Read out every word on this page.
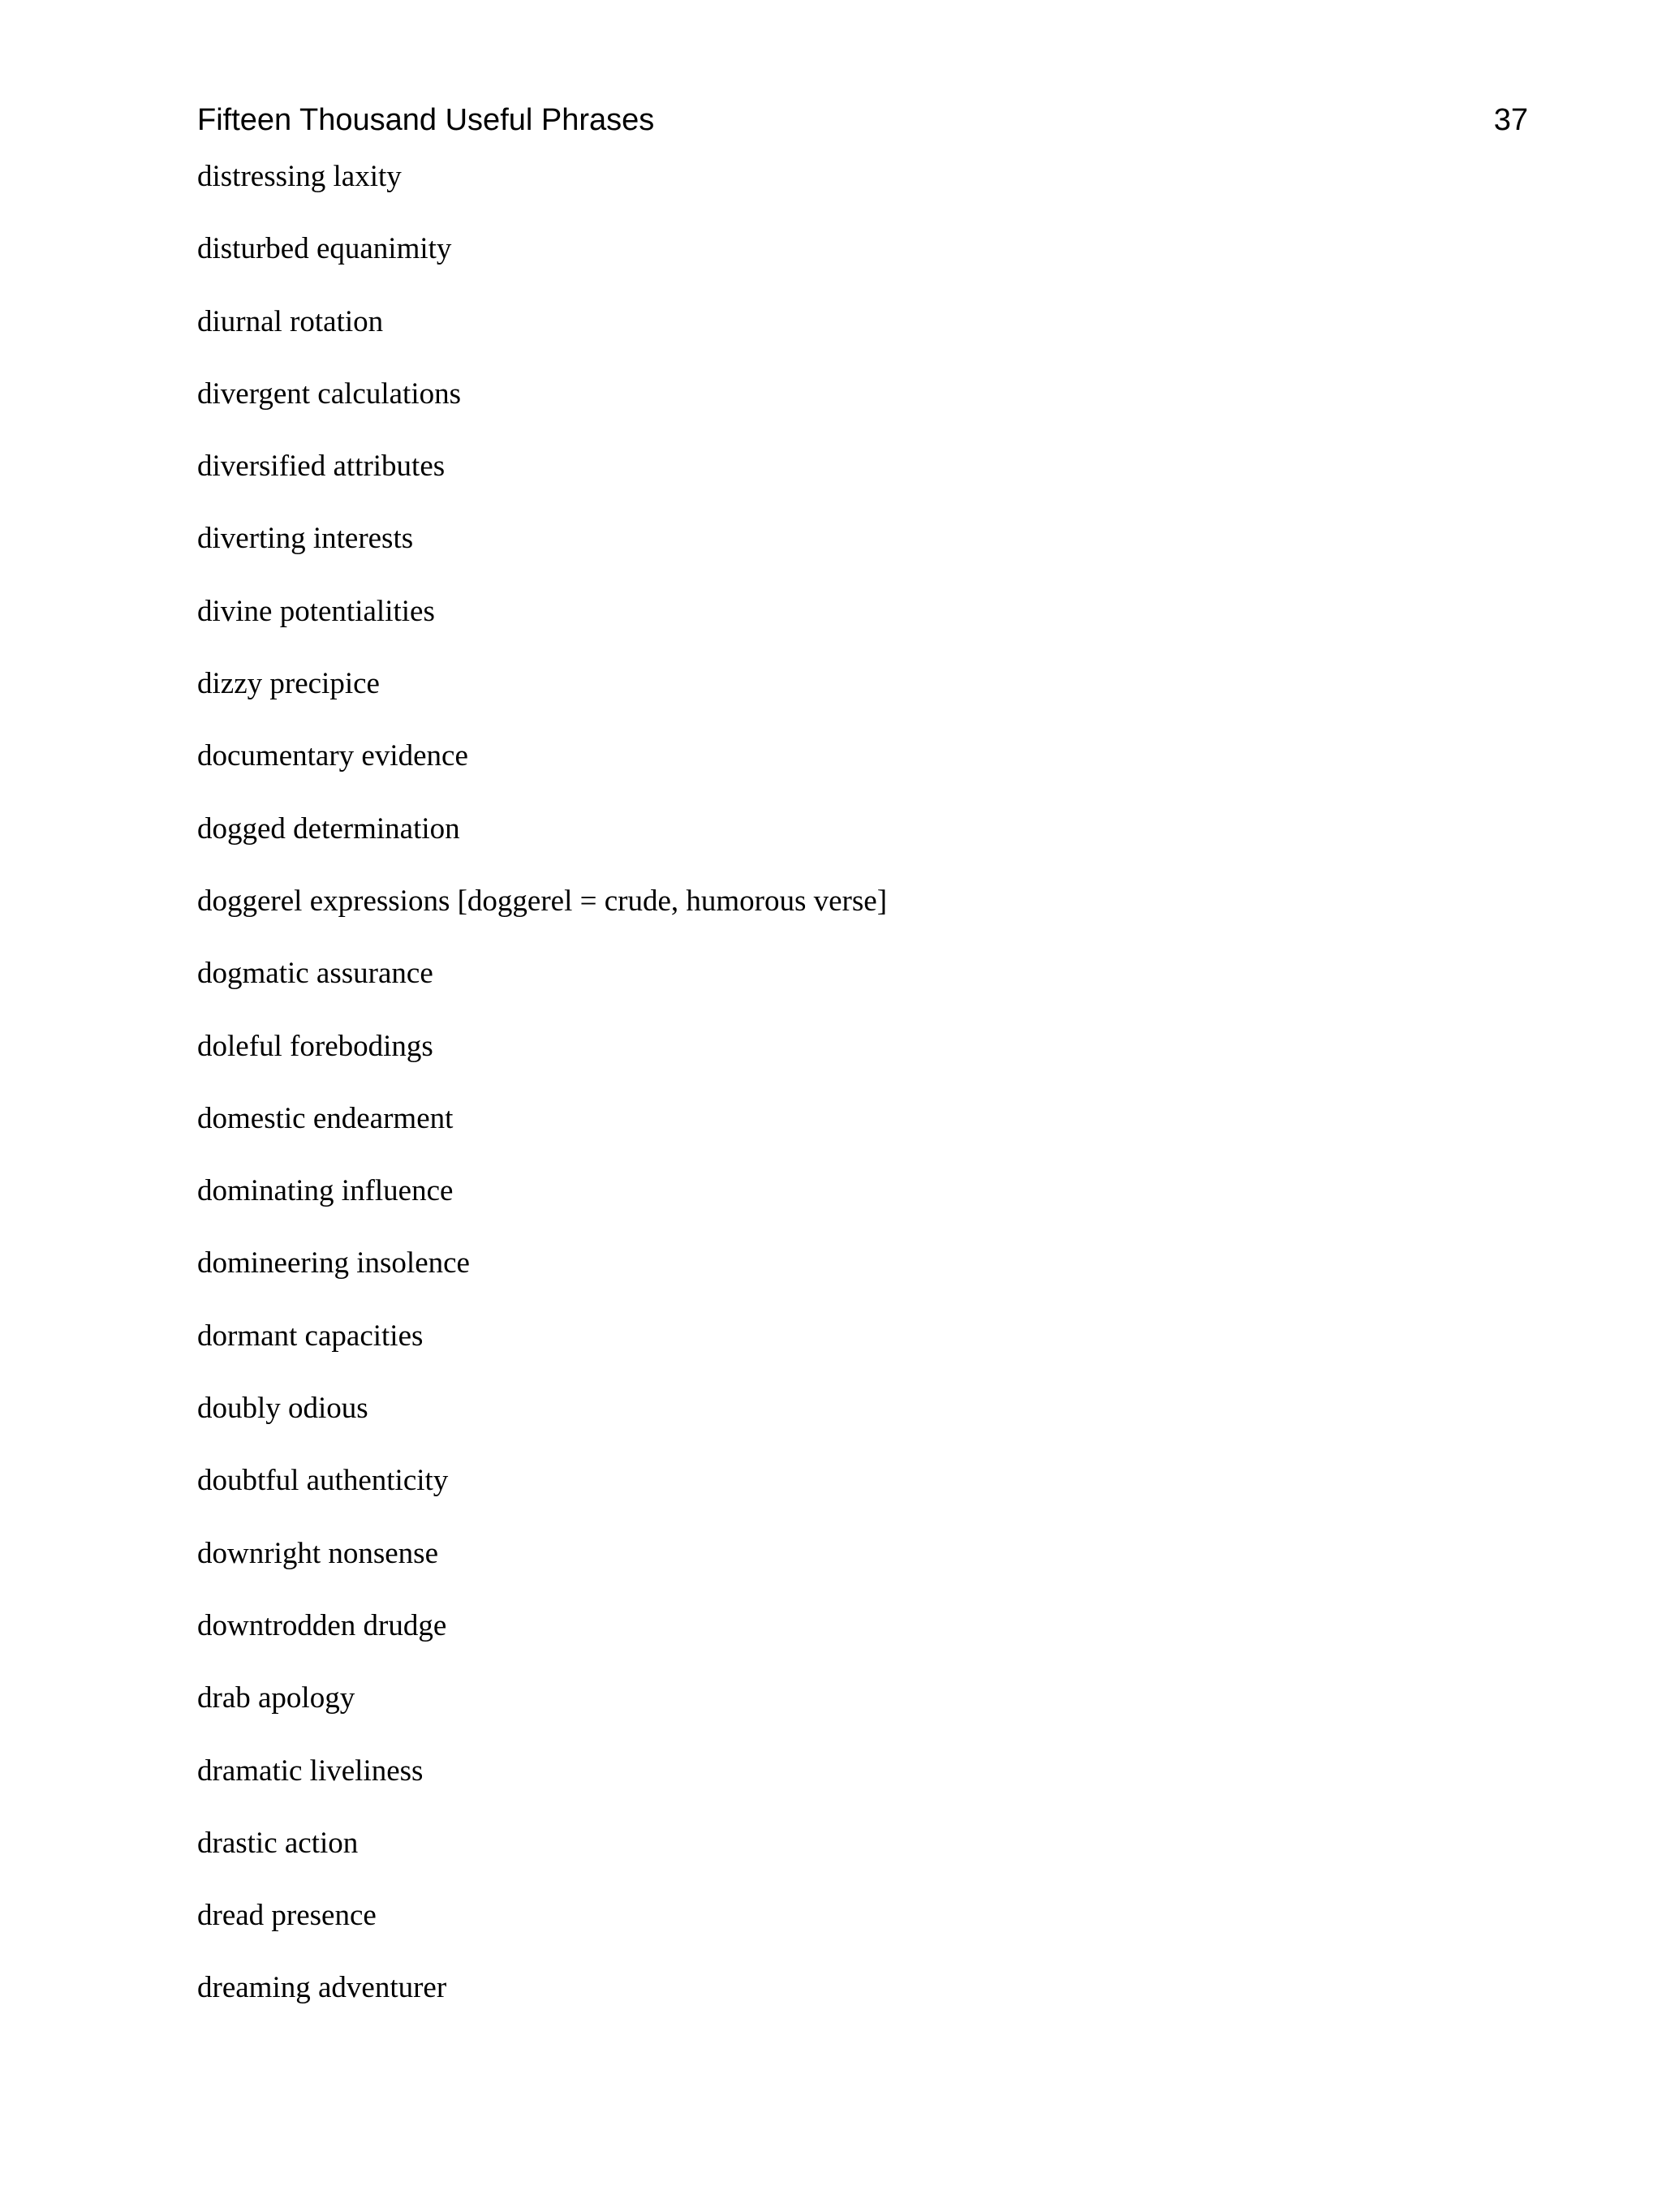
Fifteen Thousand Useful Phrases	37
distressing laxity
disturbed equanimity
diurnal rotation
divergent calculations
diversified attributes
diverting interests
divine potentialities
dizzy precipice
documentary evidence
dogged determination
doggerel expressions [doggerel = crude, humorous verse]
dogmatic assurance
doleful forebodings
domestic endearment
dominating influence
domineering insolence
dormant capacities
doubly odious
doubtful authenticity
downright nonsense
downtrodden drudge
drab apology
dramatic liveliness
drastic action
dread presence
dreaming adventurer
